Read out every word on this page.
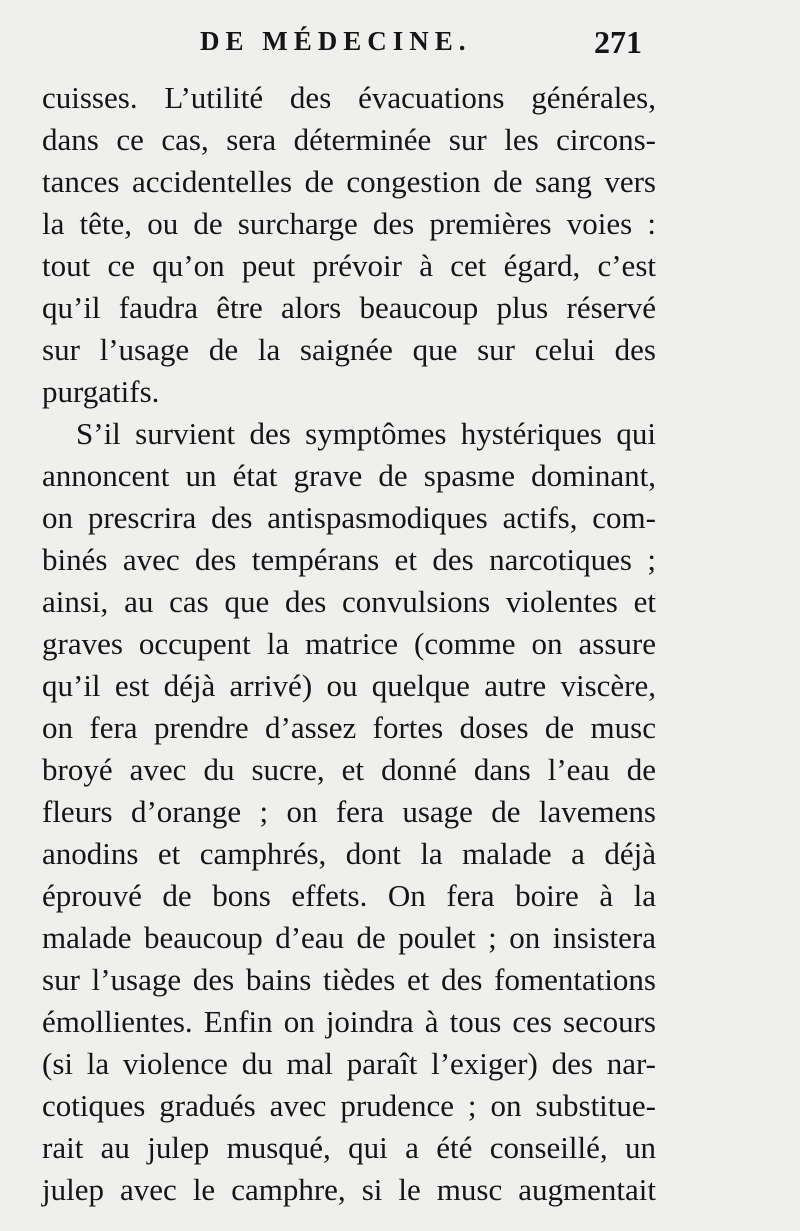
DE MÉDECINE.	271
cuisses. L’utilité des évacuations générales,
dans ce cas, sera déterminée sur les circons-
tances accidentelles de congestion de sang vers
la tête, ou de surcharge des premières voies :
tout ce qu’on peut prévoir à cet égard, c’est
qu’il faudra être alors beaucoup plus réservé
sur l’usage de la saignée que sur celui des
purgatifs.
S’il survient des symptômes hystériques qui
annoncent un état grave de spasme dominant,
on prescrira des antispasmodiques actifs, com-
binés avec des tempérans et des narcotiques ;
ainsi, au cas que des convulsions violentes et
graves occupent la matrice (comme on assure
qu’il est déjà arrivé) ou quelque autre viscère,
on fera prendre d’assez fortes doses de musc
broyé avec du sucre, et donné dans l’eau de
fleurs d’orange ; on fera usage de lavemens
anodins et camphrés, dont la malade a déjà
éprouvé de bons effets. On fera boire à la
malade beaucoup d’eau de poulet ; on insistera
sur l’usage des bains tièdes et des fomentations
émollientes. Enfin on joindra à tous ces secours
(si la violence du mal paraît l’exiger) des nar-
cotiques gradués avec prudence ; on substitue-
rait au julep musqué, qui a été conseillé, un
julep avec le camphre, si le musc augmentait
